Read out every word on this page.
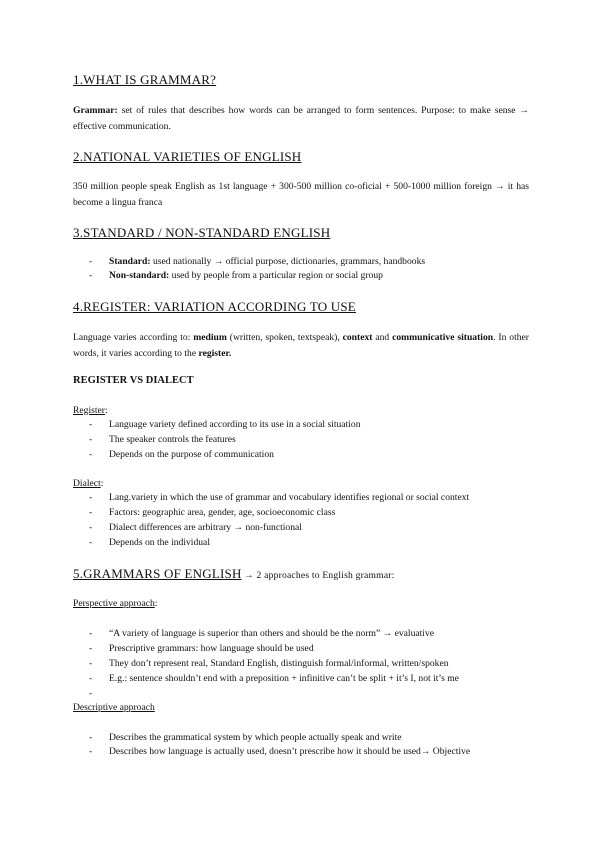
1.WHAT IS GRAMMAR?
Grammar: set of rules that describes how words can be arranged to form sentences. Purpose: to make sense → effective communication.
2.NATIONAL VARIETIES OF ENGLISH
350 million people speak English as 1st language + 300-500 million co-oficial + 500-1000 million foreign → it has become a lingua franca
3.STANDARD / NON-STANDARD ENGLISH
- Standard: used nationally → official purpose, dictionaries, grammars, handbooks
- Non-standard: used by people from a particular region or social group
4.REGISTER: VARIATION ACCORDING TO USE
Language varies according to: medium (written, spoken, textspeak), context and communicative situation. In other words, it varies according to the register.
REGISTER VS DIALECT
Register:
- Language variety defined according to its use in a social situation
- The speaker controls the features
- Depends on the purpose of communication
Dialect:
- Lang.variety in which the use of grammar and vocabulary identifies regional or social context
- Factors: geographic area, gender, age, socioeconomic class
- Dialect differences are arbitrary → non-functional
- Depends on the individual
5.GRAMMARS OF ENGLISH → 2 approaches to English grammar:
Perspective approach:
- “A variety of language is superior than others and should be the norm” → evaluative
- Prescriptive grammars: how language should be used
- They don’t represent real, Standard English, distinguish formal/informal, written/spoken
- E.g.: sentence shouldn’t end with a preposition + infinitive can’t be split + it’s I, not it’s me
-
Descriptive approach
- Describes the grammatical system by which people actually speak and write
- Describes how language is actually used, doesn’t prescribe how it should be used→ Objective
